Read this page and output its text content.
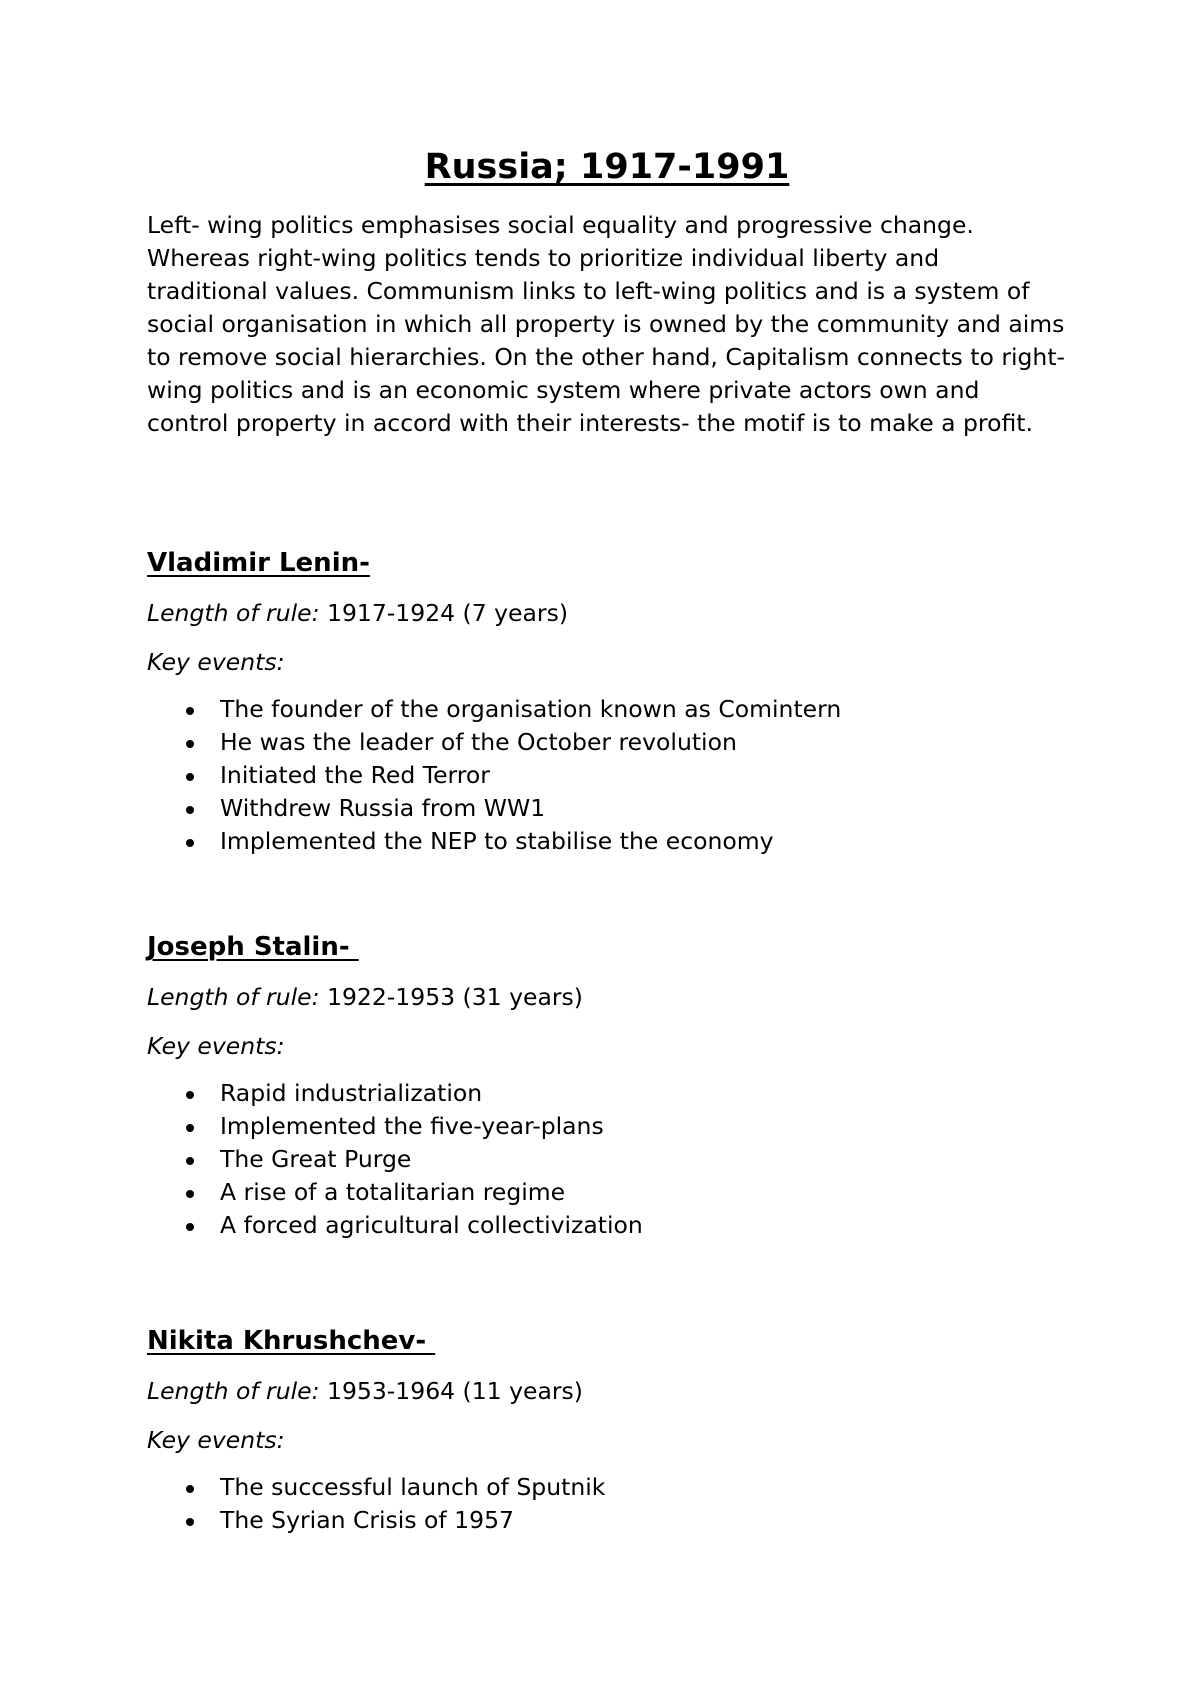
Russia; 1917-1991

Left- wing politics emphasises social equality and progressive change. Whereas right-wing politics tends to prioritize individual liberty and traditional values. Communism links to left-wing politics and is a system of social organisation in which all property is owned by the community and aims to remove social hierarchies. On the other hand, Capitalism connects to right-wing politics and is an economic system where private actors own and control property in accord with their interests- the motif is to make a profit.

Vladimir Lenin-

Length of rule: 1917-1924 (7 years)

Key events:

The founder of the organisation known as Comintern
He was the leader of the October revolution
Initiated the Red Terror
Withdrew Russia from WW1
Implemented the NEP to stabilise the economy
Joseph Stalin-

Length of rule: 1922-1953 (31 years)

Key events:

Rapid industrialization
Implemented the five-year-plans
The Great Purge
A rise of a totalitarian regime
A forced agricultural collectivization
Nikita Khrushchev-

Length of rule: 1953-1964 (11 years)

Key events:

The successful launch of Sputnik
The Syrian Crisis of 1957
